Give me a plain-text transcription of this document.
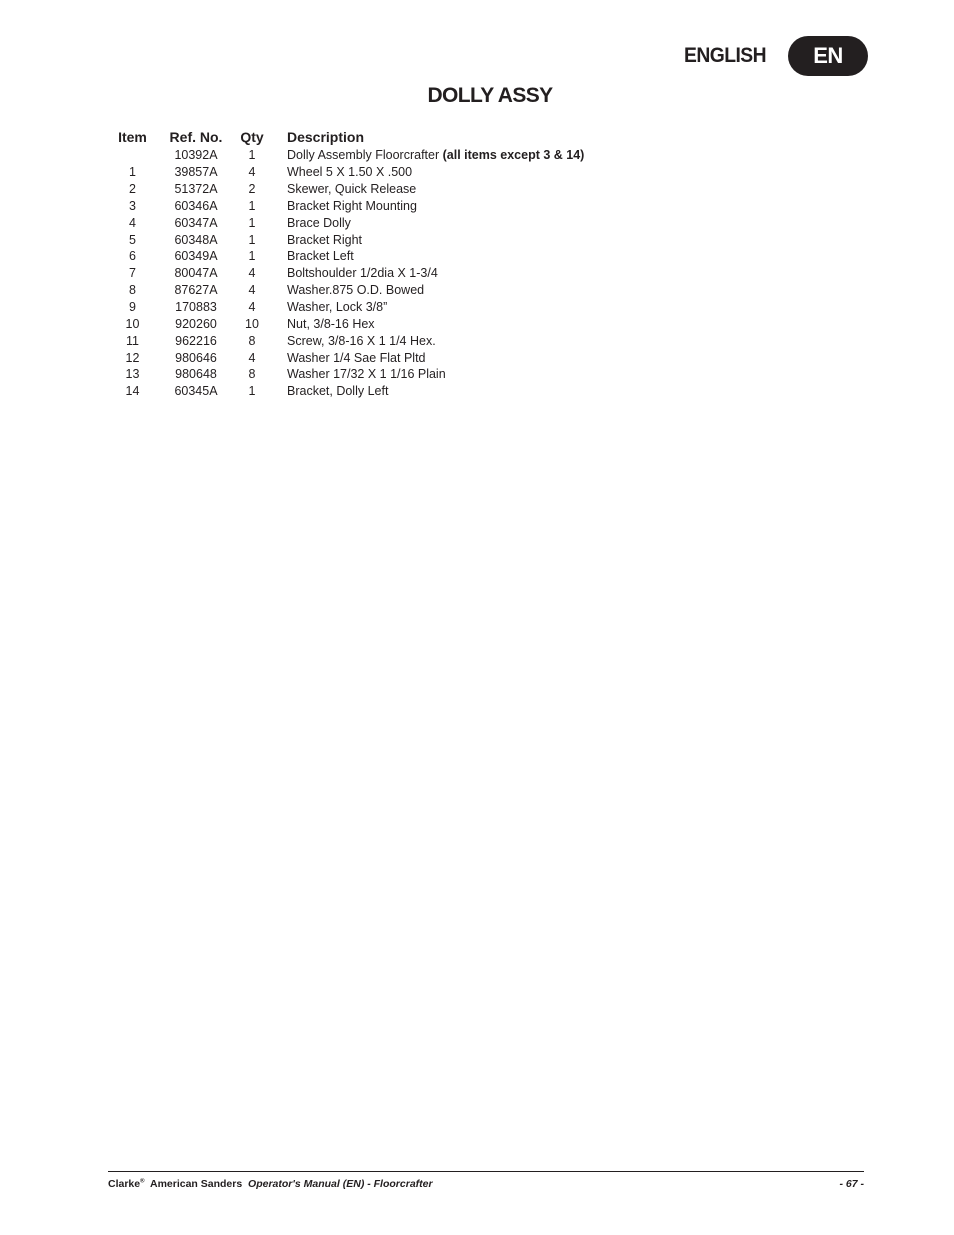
ENGLISH	EN
DOLLY ASSY
Item	Ref. No.	Qty	Description
	10392A	1	Dolly Assembly Floorcrafter (all items except 3 & 14)
1	39857A	4	Wheel 5 X 1.50 X .500
2	51372A	2	Skewer, Quick Release
3	60346A	1	Bracket Right Mounting
4	60347A	1	Brace Dolly
5	60348A	1	Bracket Right
6	60349A	1	Bracket Left
7	80047A	4	Boltshoulder 1/2dia X 1-3/4
8	87627A	4	Washer.875 O.D. Bowed
9	170883	4	Washer, Lock 3/8”
10	920260	10	Nut, 3/8-16 Hex
11	962216	8	Screw, 3/8-16 X 1 1/4 Hex.
12	980646	4	Washer 1/4 Sae Flat Pltd
13	980648	8	Washer 17/32 X 1 1/16 Plain
14	60345A	1	Bracket, Dolly Left
Clarke® American Sanders Operator's Manual (EN) - Floorcrafter	- 67 -
